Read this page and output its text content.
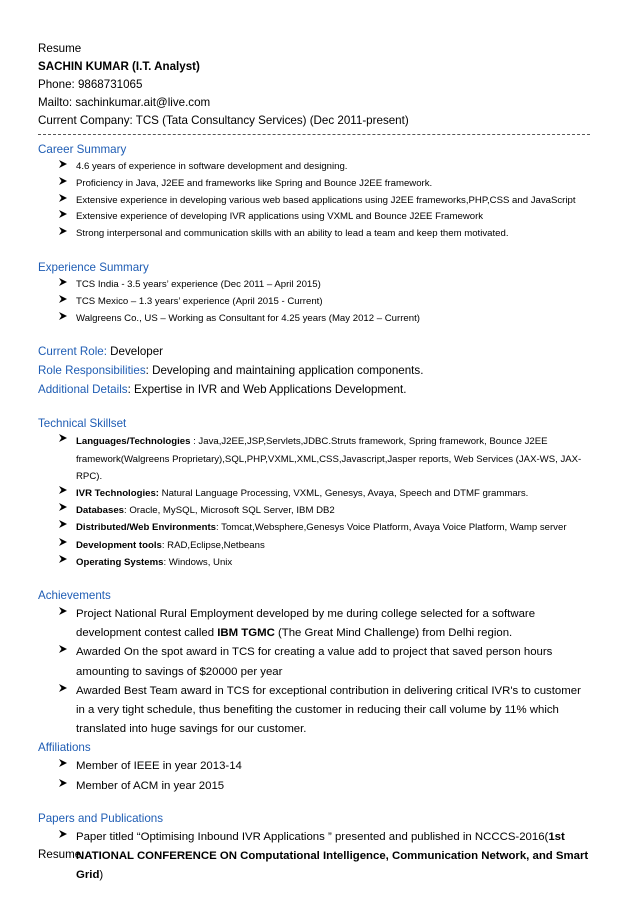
Resume
SACHIN KUMAR (I.T. Analyst)
Phone: 9868731065
Mailto: sachinkumar.ait@live.com
Current Company: TCS (Tata Consultancy Services) (Dec 2011-present)
Career Summary
4.6 years of experience in software development and designing.
Proficiency in Java, J2EE and frameworks like Spring and Bounce J2EE framework.
Extensive experience in developing various web based applications using J2EE frameworks,PHP,CSS and JavaScript
Extensive experience of developing IVR applications using VXML and Bounce J2EE Framework
Strong interpersonal and communication skills with an ability to lead a team and keep them motivated.
Experience Summary
TCS India - 3.5 years’ experience (Dec 2011 – April 2015)
TCS Mexico – 1.3 years’ experience (April 2015 - Current)
Walgreens Co., US – Working as Consultant for 4.25 years (May 2012 – Current)
Current Role: Developer
Role Responsibilities: Developing and maintaining application components.
Additional Details: Expertise in IVR and Web Applications Development.
Technical Skillset
Languages/Technologies : Java,J2EE,JSP,Servlets,JDBC.Struts framework, Spring framework, Bounce J2EE framework(Walgreens Proprietary),SQL,PHP,VXML,XML,CSS,Javascript,Jasper reports, Web Services (JAX-WS, JAX-RPC).
IVR Technologies: Natural Language Processing, VXML, Genesys, Avaya, Speech and DTMF grammars.
Databases: Oracle, MySQL, Microsoft SQL Server, IBM DB2
Distributed/Web Environments: Tomcat,Websphere,Genesys Voice Platform, Avaya Voice Platform, Wamp server
Development tools: RAD,Eclipse,Netbeans
Operating Systems: Windows, Unix
Achievements
Project National Rural Employment developed by me during college selected for a software development contest called IBM TGMC (The Great Mind Challenge) from Delhi region.
Awarded On the spot award in TCS for creating a value add to project that saved person hours amounting to savings of $20000 per year
Awarded Best Team award in TCS for exceptional contribution in delivering critical IVR's to customer in a very tight schedule, thus benefiting the customer in reducing their call volume by 11% which translated into huge savings for our customer.
Affiliations
Member of IEEE in year 2013-14
Member of ACM in year 2015
Papers and Publications
Paper titled “Optimising Inbound IVR Applications ” presented and published in NCCCS-2016(1st NATIONAL CONFERENCE ON Computational Intelligence, Communication Network, and Smart Grid)
Resume
